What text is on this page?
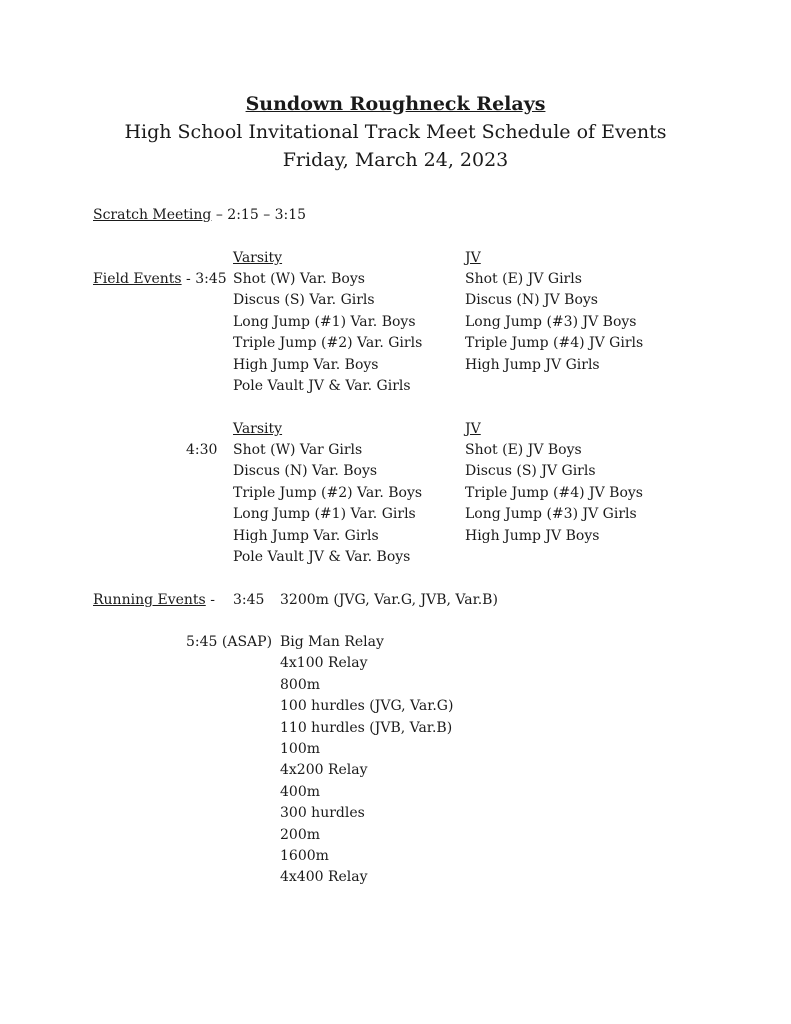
Sundown Roughneck Relays
High School Invitational Track Meet Schedule of Events
Friday, March 24, 2023
Scratch Meeting – 2:15 – 3:15
Varsity	JV
Field Events - 3:45 Shot (W) Var. Boys
Discus (S) Var. Girls
Long Jump (#1) Var. Boys
Triple Jump (#2) Var. Girls
High Jump Var. Boys
Pole Vault JV & Var. Girls
Shot (E) JV Girls
Discus (N) JV Boys
Long Jump (#3) JV Boys
Triple Jump (#4) JV Girls
High Jump JV Girls
Varsity	JV
4:30 Shot (W) Var Girls
Discus (N) Var. Boys
Triple Jump (#2) Var. Boys
Long Jump (#1) Var. Girls
High Jump Var. Girls
Pole Vault JV & Var. Boys
Shot (E) JV Boys
Discus (S) JV Girls
Triple Jump (#4) JV Boys
Long Jump (#3) JV Girls
High Jump JV Boys
Running Events - 3:45 3200m (JVG, Var.G, JVB, Var.B)
5:45 (ASAP) Big Man Relay
4x100 Relay
800m
100 hurdles (JVG, Var.G)
110 hurdles (JVB, Var.B)
100m
4x200 Relay
400m
300 hurdles
200m
1600m
4x400 Relay
